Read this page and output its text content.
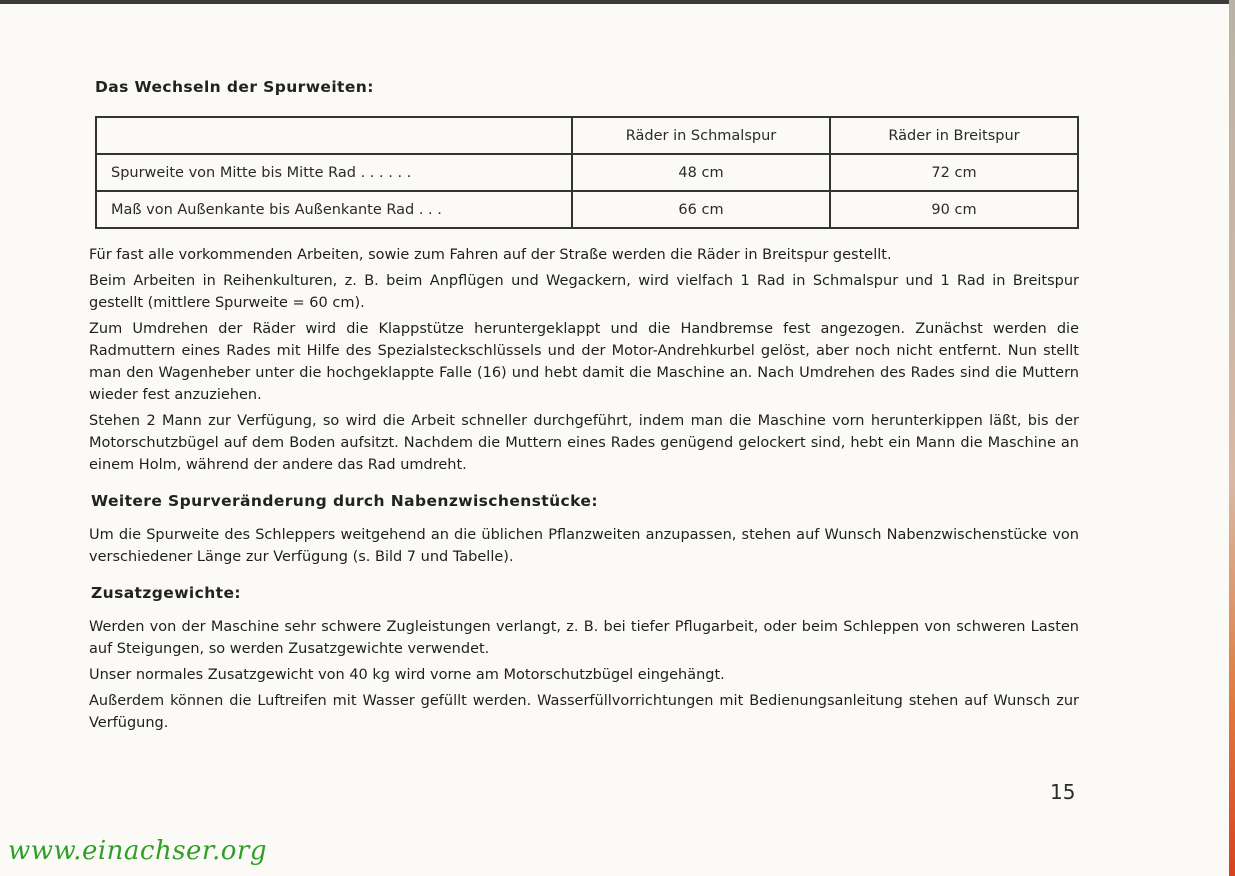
Das Wechseln der Spurweiten:
	Räder in Schmalspur	Räder in Breitspur
Spurweite von Mitte bis Mitte Rad . . . . . .	48 cm	72 cm
Maß von Außenkante bis Außenkante Rad . . .	66 cm	90 cm

Für fast alle vorkommenden Arbeiten, sowie zum Fahren auf der Straße werden die Räder in Breitspur gestellt.

Beim Arbeiten in Reihenkulturen, z. B. beim Anpflügen und Wegackern, wird vielfach 1 Rad in Schmalspur und 1 Rad in Breitspur gestellt (mittlere Spurweite = 60 cm).

Zum Umdrehen der Räder wird die Klappstütze heruntergeklappt und die Handbremse fest angezogen. Zunächst werden die Radmuttern eines Rades mit Hilfe des Spezialsteckschlüssels und der Motor-Andrehkurbel gelöst, aber noch nicht entfernt. Nun stellt man den Wagenheber unter die hochgeklappte Falle (16) und hebt damit die Maschine an. Nach Umdrehen des Rades sind die Muttern wieder fest anzuziehen.

Stehen 2 Mann zur Verfügung, so wird die Arbeit schneller durchgeführt, indem man die Maschine vorn herunterkippen läßt, bis der Motorschutzbügel auf dem Boden aufsitzt. Nachdem die Muttern eines Rades genügend gelockert sind, hebt ein Mann die Maschine an einem Holm, während der andere das Rad umdreht.

Weitere Spurveränderung durch Nabenzwischenstücke:

Um die Spurweite des Schleppers weitgehend an die üblichen Pflanzweiten anzupassen, stehen auf Wunsch Nabenzwischenstücke von verschiedener Länge zur Verfügung (s. Bild 7 und Tabelle).

Zusatzgewichte:

Werden von der Maschine sehr schwere Zugleistungen verlangt, z. B. bei tiefer Pflugarbeit, oder beim Schleppen von schweren Lasten auf Steigungen, so werden Zusatzgewichte verwendet.

Unser normales Zusatzgewicht von 40 kg wird vorne am Motorschutzbügel eingehängt.

Außerdem können die Luftreifen mit Wasser gefüllt werden. Wasserfüllvorrichtungen mit Bedienungsanleitung stehen auf Wunsch zur Verfügung.

15
www.einachser.org
